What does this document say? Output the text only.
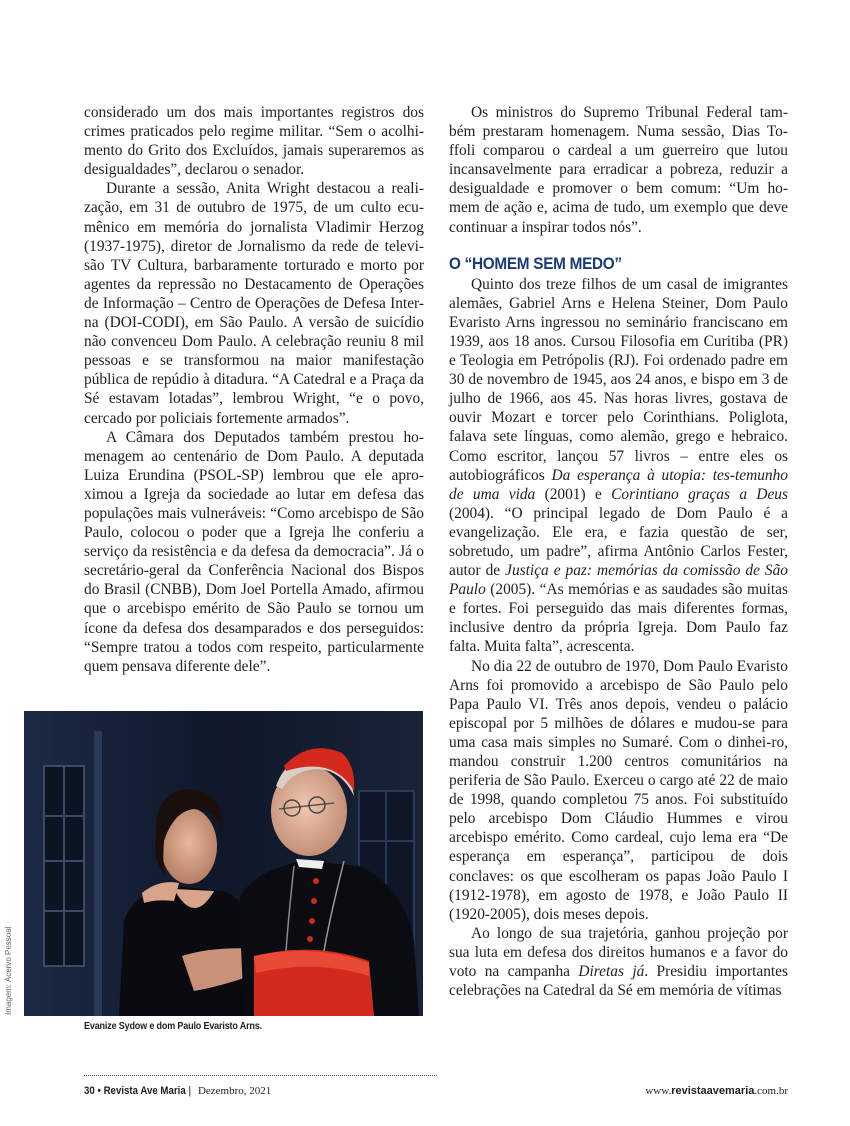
considerado um dos mais importantes registros dos crimes praticados pelo regime militar. “Sem o acolhi-mento do Grito dos Excluídos, jamais superaremos as desigualdades”, declarou o senador.

Durante a sessão, Anita Wright destacou a reali-zação, em 31 de outubro de 1975, de um culto ecu-mênico em memória do jornalista Vladimir Herzog (1937-1975), diretor de Jornalismo da rede de televi-são TV Cultura, barbaramente torturado e morto por agentes da repressão no Destacamento de Operações de Informação – Centro de Operações de Defesa Inter-na (DOI-CODI), em São Paulo. A versão de suicídio não convenceu Dom Paulo. A celebração reuniu 8 mil pessoas e se transformou na maior manifestação pública de repúdio à ditadura. “A Catedral e a Praça da Sé estavam lotadas”, lembrou Wright, “e o povo, cercado por policiais fortemente armados”.

A Câmara dos Deputados também prestou ho-menagem ao centenário de Dom Paulo. A deputada Luiza Erundina (PSOL-SP) lembrou que ele apro-ximou a Igreja da sociedade ao lutar em defesa das populações mais vulneráveis: “Como arcebispo de São Paulo, colocou o poder que a Igreja lhe conferiu a serviço da resistência e da defesa da democracia”. Já o secretário-geral da Conferência Nacional dos Bispos do Brasil (CNBB), Dom Joel Portella Amado, afirmou que o arcebispo emérito de São Paulo se tornou um ícone da defesa dos desamparados e dos perseguidos: “Sempre tratou a todos com respeito, particularmente quem pensava diferente dele”.

Os ministros do Supremo Tribunal Federal tam-bém prestaram homenagem. Numa sessão, Dias To-ffoli comparou o cardeal a um guerreiro que lutou incansavelmente para erradicar a pobreza, reduzir a desigualdade e promover o bem comum: “Um ho-mem de ação e, acima de tudo, um exemplo que deve continuar a inspirar todos nós”.

O “HOMEM SEM MEDO”

Quinto dos treze filhos de um casal de imigrantes alemães, Gabriel Arns e Helena Steiner, Dom Paulo Evaristo Arns ingressou no seminário franciscano em 1939, aos 18 anos. Cursou Filosofia em Curitiba (PR) e Teologia em Petrópolis (RJ). Foi ordenado padre em 30 de novembro de 1945, aos 24 anos, e bispo em 3 de julho de 1966, aos 45. Nas horas livres, gostava de ouvir Mozart e torcer pelo Corinthians. Poliglota, falava sete línguas, como alemão, grego e hebraico. Como escritor, lançou 57 livros – entre eles os autobiográficos Da esperança à utopia: tes-temunho de uma vida (2001) e Corintiano graças a Deus (2004). “O principal legado de Dom Paulo é a evangelização. Ele era, e fazia questão de ser, sobretudo, um padre”, afirma Antônio Carlos Fester, autor de Justiça e paz: memórias da comissão de São Paulo (2005). “As memórias e as saudades são muitas e fortes. Foi perseguido das mais diferentes formas, inclusive dentro da própria Igreja. Dom Paulo faz falta. Muita falta”, acrescenta.

No dia 22 de outubro de 1970, Dom Paulo Evaristo Arns foi promovido a arcebispo de São Paulo pelo Papa Paulo VI. Três anos depois, vendeu o palácio episcopal por 5 milhões de dólares e mudou-se para uma casa mais simples no Sumaré. Com o dinhei-ro, mandou construir 1.200 centros comunitários na periferia de São Paulo. Exerceu o cargo até 22 de maio de 1998, quando completou 75 anos. Foi substituído pelo arcebispo Dom Cláudio Hummes e virou arcebispo emérito. Como cardeal, cujo lema era “De esperança em esperança”, participou de dois conclaves: os que escolheram os papas João Paulo I (1912-1978), em agosto de 1978, e João Paulo II (1920-2005), dois meses depois.

Ao longo de sua trajetória, ganhou projeção por sua luta em defesa dos direitos humanos e a favor do voto na campanha Diretas já. Presidiu importantes celebrações na Catedral da Sé em memória de vítimas

Imagem: Acervo Pessoal
Evanize Sydow e dom Paulo Evaristo Arns.
30 • Revista Ave Maria | Dezembro, 2021	www.revistaavemaria.com.br
